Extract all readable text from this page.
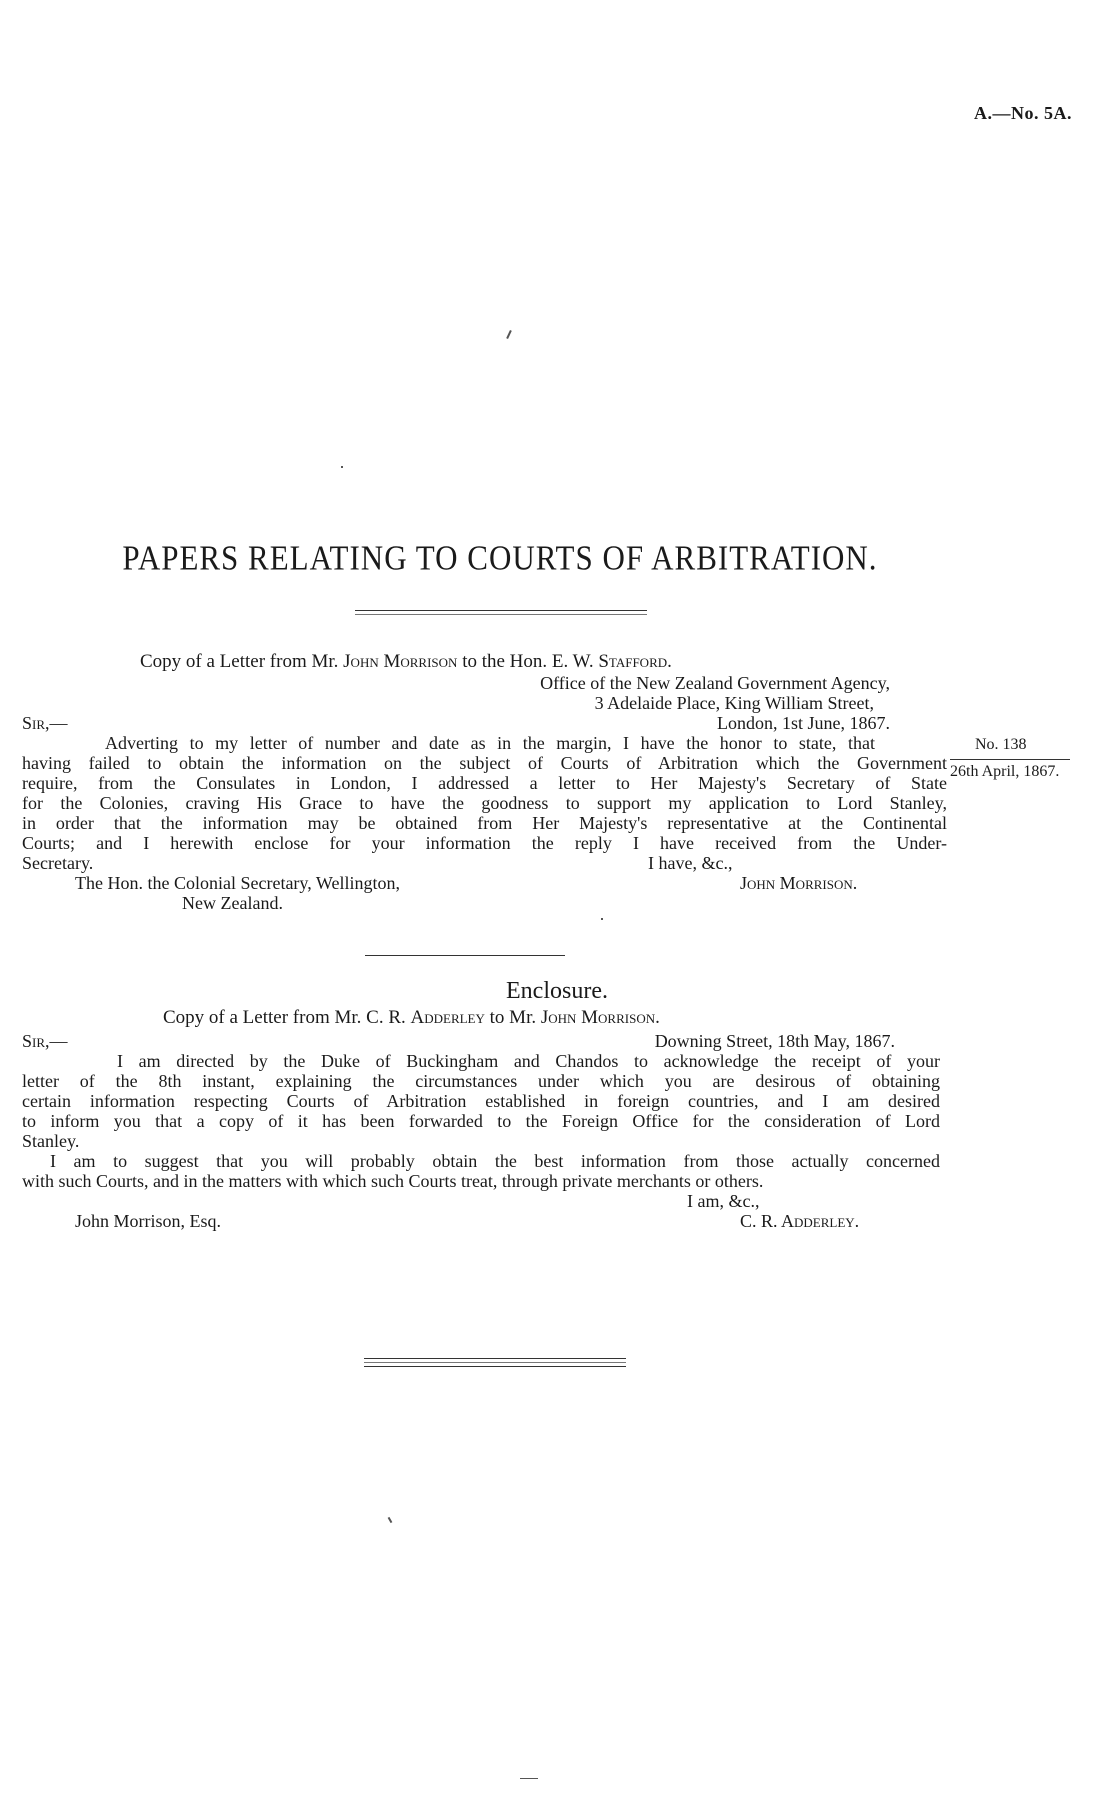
A.—No. 5A.
PAPERS RELATING TO COURTS OF ARBITRATION.
Copy of a Letter from Mr. John Morrison to the Hon. E. W. Stafford.
Office of the New Zealand Government Agency,
3 Adelaide Place, King William Street,
London, 1st June, 1867.
Sir,—
Adverting to my letter of number and date as in the margin, I have the honor to state, that
having failed to obtain the information on the subject of Courts of Arbitration which the Government
require, from the Consulates in London, I addressed a letter to Her Majesty's Secretary of State
for the Colonies, craving His Grace to have the goodness to support my application to Lord Stanley,
in order that the information may be obtained from Her Majesty's representative at the Continental
Courts; and I herewith enclose for your information the reply I have received from the Under-
Secretary.	I have, &c.,
John Morrison.
The Hon. the Colonial Secretary, Wellington,
New Zealand.
No. 138
26th April, 1867.
Enclosure.
Copy of a Letter from Mr. C. R. Adderley to Mr. John Morrison.
Sir,—	Downing Street, 18th May, 1867.
I am directed by the Duke of Buckingham and Chandos to acknowledge the receipt of your
letter of the 8th instant, explaining the circumstances under which you are desirous of obtaining
certain information respecting Courts of Arbitration established in foreign countries, and I am desired
to inform you that a copy of it has been forwarded to the Foreign Office for the consideration of Lord
Stanley.
I am to suggest that you will probably obtain the best information from those actually concerned
with such Courts, and in the matters with which such Courts treat, through private merchants or others.
I am, &c.,
John Morrison, Esq.	C. R. Adderley.
